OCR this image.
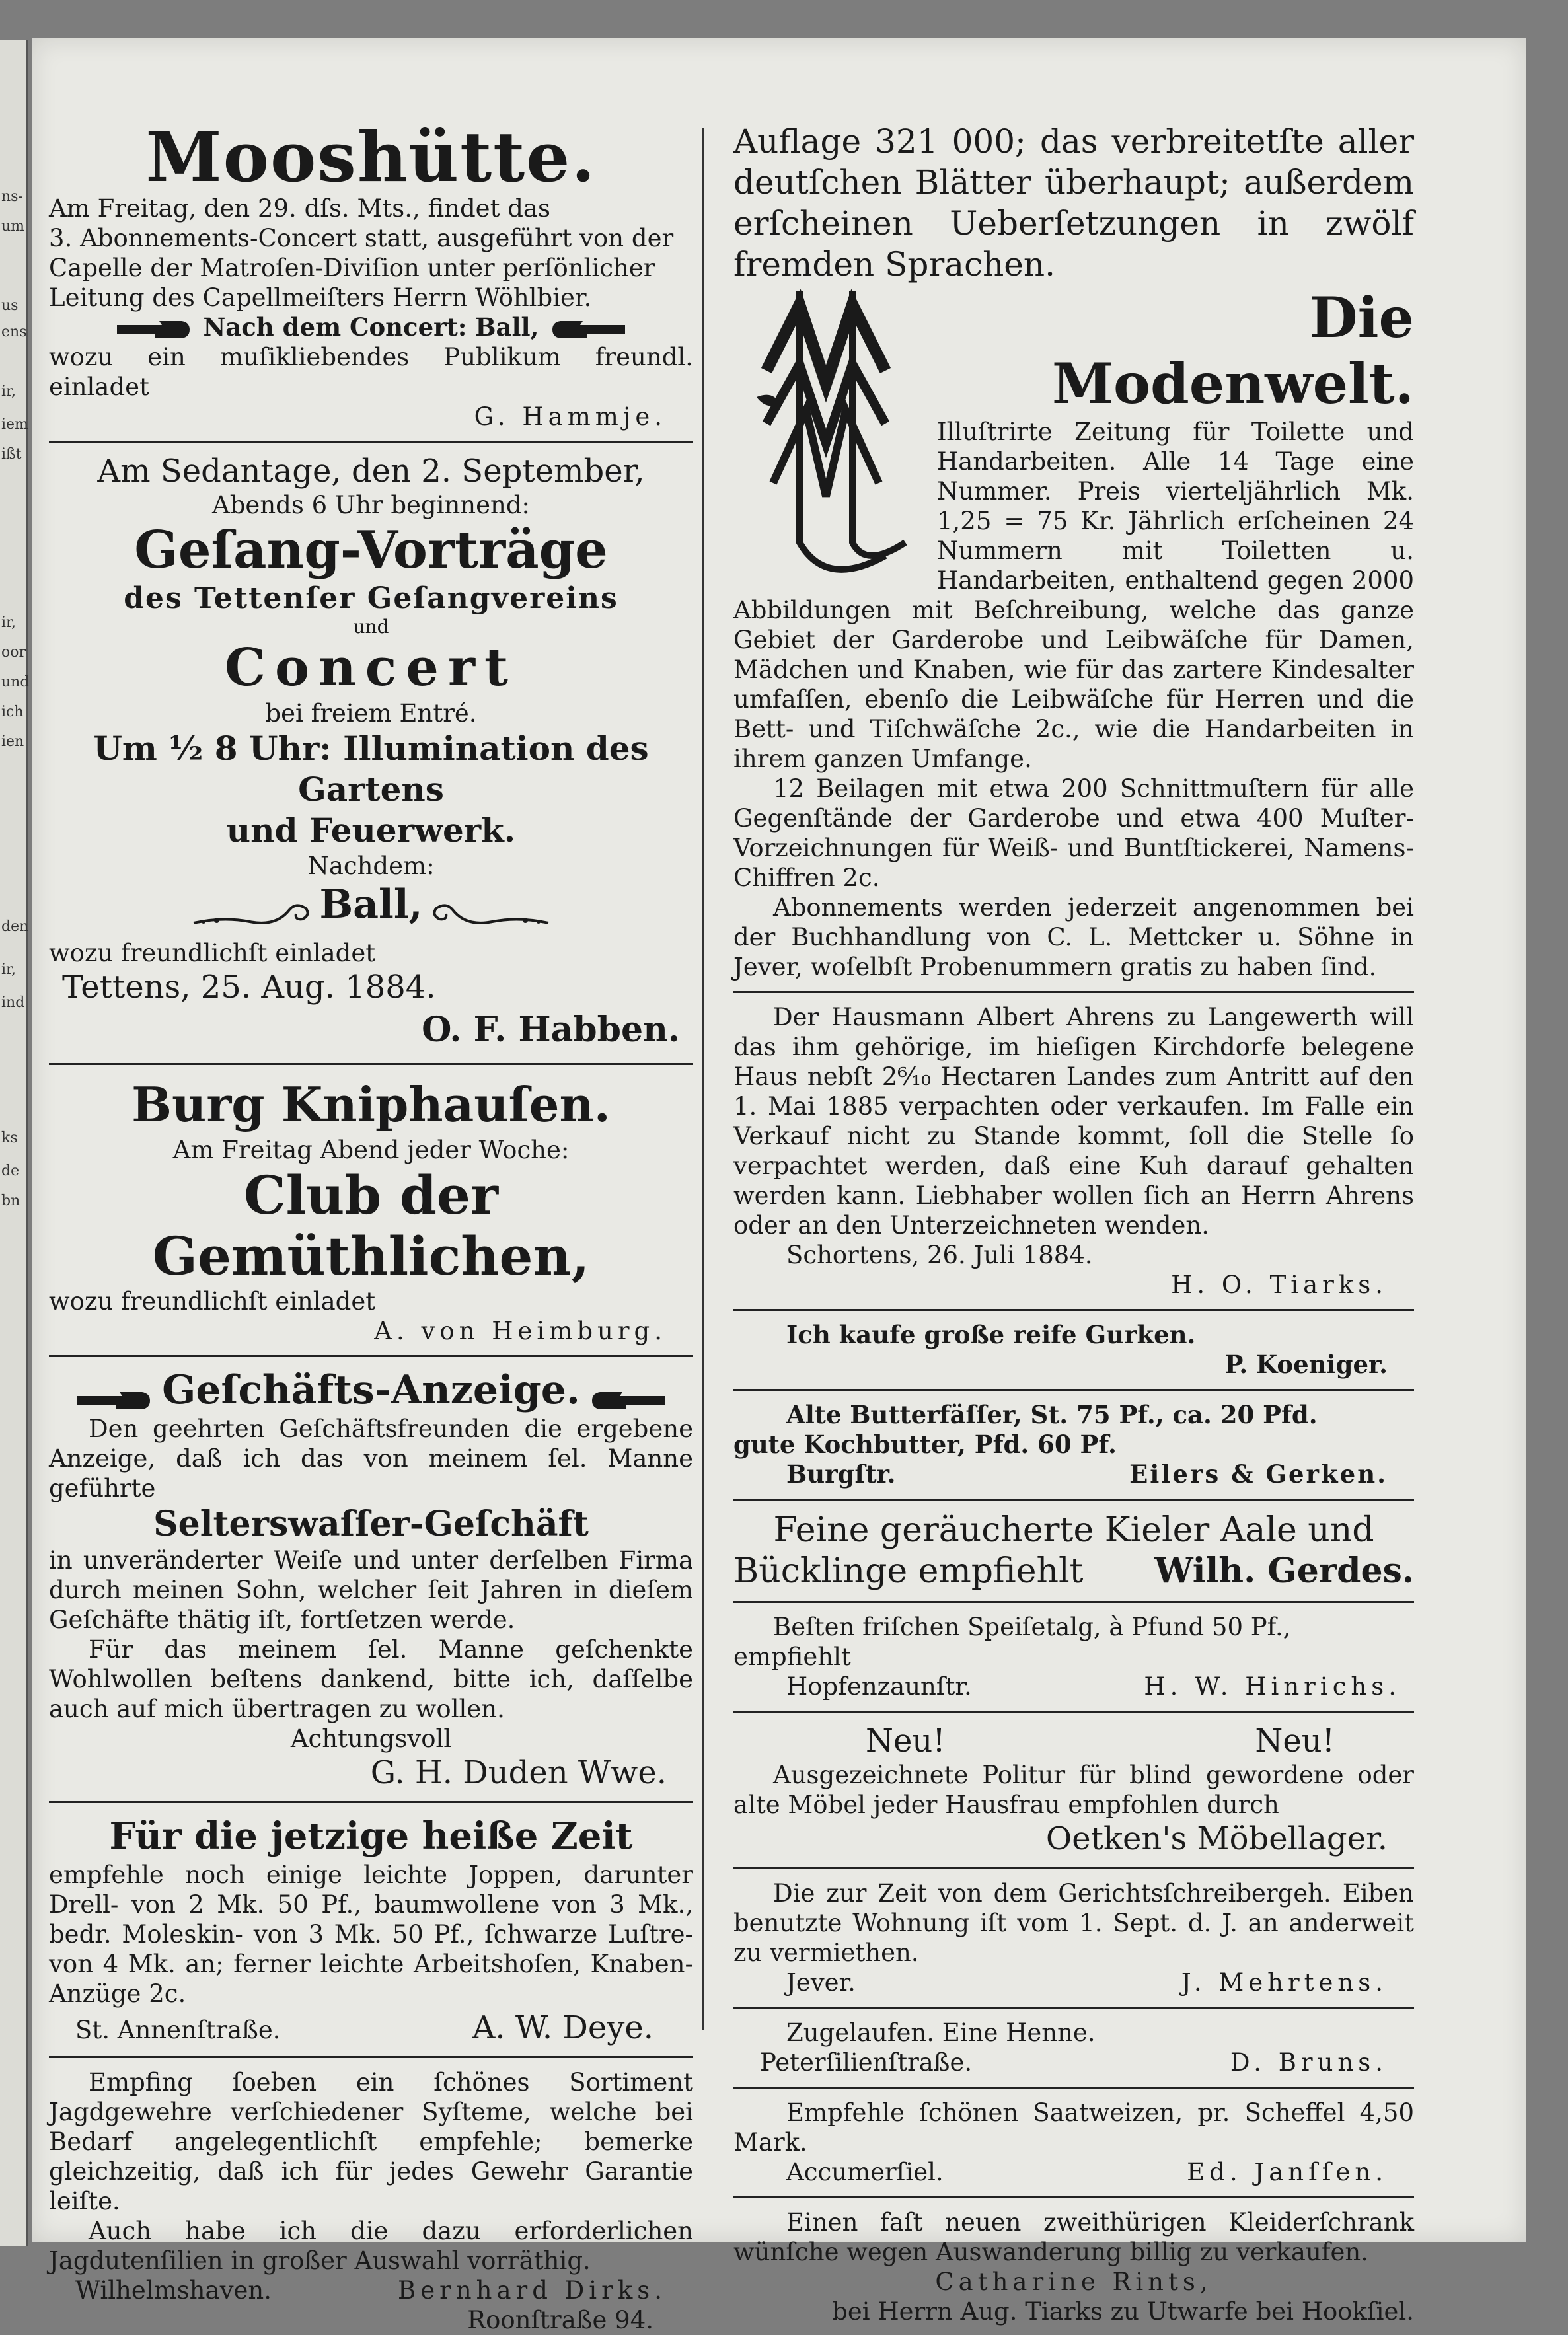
ns-
um
us
ens
ir,
iem
ißt
ir,
oor
und
ich
ien
den
ir,
ind
ks
de
bn

Mooshütte.

Am Freitag, den 29. dſs. Mts., findet das

3. Abonnements-Concert statt, ausgeführt von der

Capelle der Matroſen-Diviſion unter perſönlicher

Leitung des Capellmeiſters Herrn Wöhlbier.

Nach dem Concert: Ball,

wozu ein muſikliebendes Publikum freundl. einladet

G. Hammje.

Am Sedantage, den 2. September,

Abends 6 Uhr beginnend:

Geſang-Vorträge

des Tettenſer Geſangvereins

und

Concert

bei freiem Entré.

Um ½ 8 Uhr: Illumination des Gartens

und Feuerwerk.

Nachdem:

Ball,

wozu freundlichſt einladet

Tettens, 25. Aug. 1884.

O. F. Habben.

Burg Kniphauſen.

Am Freitag Abend jeder Woche:

Club der Gemüthlichen,

wozu freundlichſt einladet

A. von Heimburg.

Geſchäfts-Anzeige.

Den geehrten Geſchäftsfreunden die ergebene Anzeige, daß ich das von meinem ſel. Manne geführte

Selterswaſſer-Geſchäft

in unveränderter Weiſe und unter derſelben Firma durch meinen Sohn, welcher ſeit Jahren in dieſem Geſchäfte thätig iſt, fortſetzen werde.

Für das meinem ſel. Manne geſchenkte Wohlwollen beſtens dankend, bitte ich, daſſelbe auch auf mich übertragen zu wollen.

Achtungsvoll

G. H. Duden Wwe.

Für die jetzige heiße Zeit

empfehle noch einige leichte Joppen, darunter Drell- von 2 Mk. 50 Pf., baumwollene von 3 Mk., bedr. Moleskin- von 3 Mk. 50 Pf., ſchwarze Luſtre- von 4 Mk. an; ferner leichte Arbeitshoſen, Knaben-Anzüge 2c.

St. Annenſtraße.	A. W. Deye.

Empfing ſoeben ein ſchönes Sortiment Jagdgewehre verſchiedener Syſteme, welche bei Bedarf angelegentlichſt empfehle; bemerke gleichzeitig, daß ich für jedes Gewehr Garantie leiſte.

Auch habe ich die dazu erforderlichen Jagdutenſilien in großer Auswahl vorräthig.

Wilhelmshaven.	Bernhard Dirks.

Roonſtraße 94.

Auflage 321 000; das verbreitetſte aller deutſchen Blätter überhaupt; außerdem erſcheinen Ueberſetzungen in zwölf fremden Sprachen.

Die Modenwelt.

Illuſtrirte Zeitung für Toilette und Handarbeiten. Alle 14 Tage eine Nummer. Preis vierteljährlich Mk. 1,25 = 75 Kr. Jährlich erſcheinen 24 Nummern mit Toiletten u. Handarbeiten, enthaltend gegen 2000 Abbildungen mit Beſchreibung, welche das ganze Gebiet der Garderobe und Leibwäſche für Damen, Mädchen und Knaben, wie für das zartere Kindesalter umfaſſen, ebenſo die Leibwäſche für Herren und die Bett- und Tiſchwäſche 2c., wie die Handarbeiten in ihrem ganzen Umfange.

12 Beilagen mit etwa 200 Schnittmuſtern für alle Gegenſtände der Garderobe und etwa 400 Muſter-Vorzeichnungen für Weiß- und Buntſtickerei, Namens-Chiffren 2c.

Abonnements werden jederzeit angenommen bei der Buchhandlung von C. L. Mettcker u. Söhne in Jever, woſelbſt Probenummern gratis zu haben ſind.

Der Hausmann Albert Ahrens zu Langewerth will das ihm gehörige, im hieſigen Kirchdorfe belegene Haus nebſt 2⁶⁄₁₀ Hectaren Landes zum Antritt auf den 1. Mai 1885 verpachten oder verkaufen. Im Falle ein Verkauf nicht zu Stande kommt, ſoll die Stelle ſo verpachtet werden, daß eine Kuh darauf gehalten werden kann. Liebhaber wollen ſich an Herrn Ahrens oder an den Unterzeichneten wenden.

Schortens, 26. Juli 1884.

H. O. Tiarks.

Ich kaufe große reife Gurken.

P. Koeniger.

Alte Butterfäſſer, St. 75 Pf., ca. 20 Pfd.

gute Kochbutter, Pfd. 60 Pf.

Burgſtr.	Eilers & Gerken.

Feine geräucherte Kieler Aale und

Bücklinge empfiehlt Wilh. Gerdes.

Beſten friſchen Speiſetalg, à Pfund 50 Pf.,

empfiehlt

Hopfenzaunſtr.	H. W. Hinrichs.
Neu!	Neu!

Ausgezeichnete Politur für blind gewordene oder alte Möbel jeder Hausfrau empfohlen durch

Oetken's Möbellager.

Die zur Zeit von dem Gerichtsſchreibergeh. Eiben benutzte Wohnung iſt vom 1. Sept. d. J. an anderweit zu vermiethen.

Jever.	J. Mehrtens.

Zugelaufen. Eine Henne.

Peterſilienſtraße.	D. Bruns.

Empfehle ſchönen Saatweizen, pr. Scheffel 4,50 Mark.

Accumerſiel.	Ed. Janſſen.

Einen faſt neuen zweithürigen Kleiderſchrank wünſche wegen Auswanderung billig zu verkaufen.

Catharine Rints,

bei Herrn Aug. Tiarks zu Utwarfe bei Hookſiel.
